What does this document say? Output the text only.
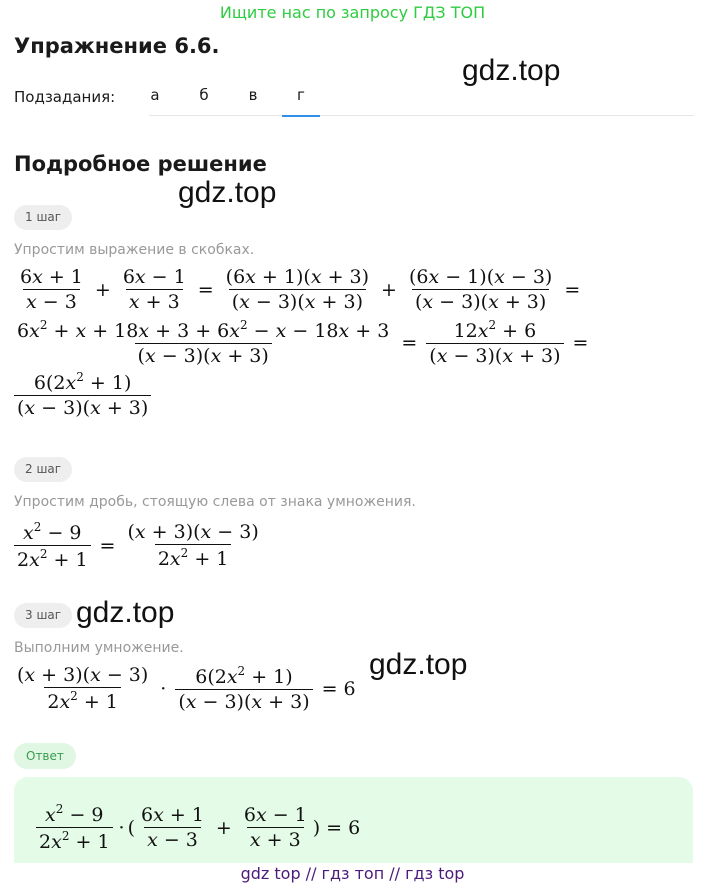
Ищите нас по запросу ГДЗ ТОП
Упражнение 6.6.
gdz.top
Подзадания:	а	б	в	г
Подробное решение
gdz.top
1 шаг
Упростим выражение в скобках.
$\frac{6x + 1}{x - 3} + \frac{6x - 1}{x + 3} = \frac{(6x + 1)(x + 3)}{(x - 3)(x + 3)} + \frac{(6x - 1)(x - 3)}{(x - 3)(x + 3)}$ =
$\frac{6x^2 + x + 18x + 3 + 6x^2 - x - 18x + 3}{(x - 3)(x + 3)} = \frac{12x^2 + 6}{(x - 3)(x + 3)}$ =
$\frac{6(2x^2 + 1)}{(x - 3)(x + 3)}$
2 шаг
Упростим дробь, стоящую слева от знака умножения.
$\frac{x^2 - 9}{2x^2 + 1} = \frac{(x + 3)(x - 3)}{2x^2 + 1}$
3 шаг gdz.top
Выполним умножение.	gdz.top
$\frac{(x + 3)(x - 3)}{2x^2 + 1} \cdot \frac{6(2x^2 + 1)}{(x - 3)(x + 3)} = 6$
Ответ
$\frac{x^2 - 9}{2x^2 + 1}$ · ( $\frac{6x + 1}{x - 3} + \frac{6x - 1}{x + 3}$ ) = 6
gdz top // гдз топ // гдз top
